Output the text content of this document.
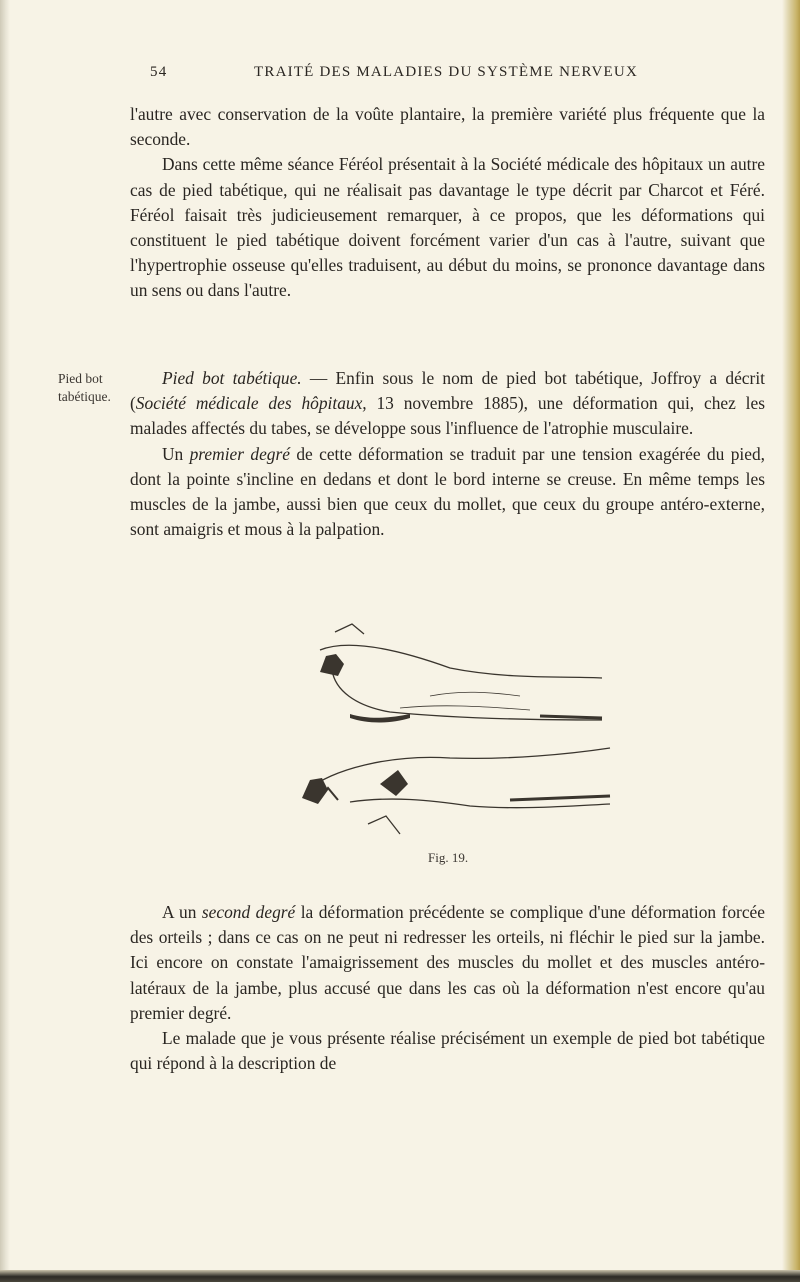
54	TRAITÉ DES MALADIES DU SYSTÈME NERVEUX

l'autre avec conservation de la voûte plantaire, la première variété plus fréquente que la seconde.

Dans cette même séance Féréol présentait à la Société médicale des hôpitaux un autre cas de pied tabétique, qui ne réalisait pas davantage le type décrit par Charcot et Féré. Féréol faisait très judicieusement remarquer, à ce propos, que les déformations qui constituent le pied tabétique doivent forcément varier d'un cas à l'autre, suivant que l'hypertrophie osseuse qu'elles traduisent, au début du moins, se prononce davantage dans un sens ou dans l'autre.

Pied bot
tabétique.

Pied bot tabétique. — Enfin sous le nom de pied bot tabétique, Joffroy a décrit (Société médicale des hôpitaux, 13 novembre 1885), une déformation qui, chez les malades affectés du tabes, se développe sous l'influence de l'atrophie musculaire.

Un premier degré de cette déformation se traduit par une tension exagérée du pied, dont la pointe s'incline en dedans et dont le bord interne se creuse. En même temps les muscles de la jambe, aussi bien que ceux du mollet, que ceux du groupe antéro-externe, sont amaigris et mous à la palpation.

Fig. 19.

A un second degré la déformation précédente se complique d'une déformation forcée des orteils ; dans ce cas on ne peut ni redresser les orteils, ni fléchir le pied sur la jambe. Ici encore on constate l'amaigrissement des muscles du mollet et des muscles antéro-latéraux de la jambe, plus accusé que dans les cas où la déformation n'est encore qu'au premier degré.

Le malade que je vous présente réalise précisément un exemple de pied bot tabétique qui répond à la description de
